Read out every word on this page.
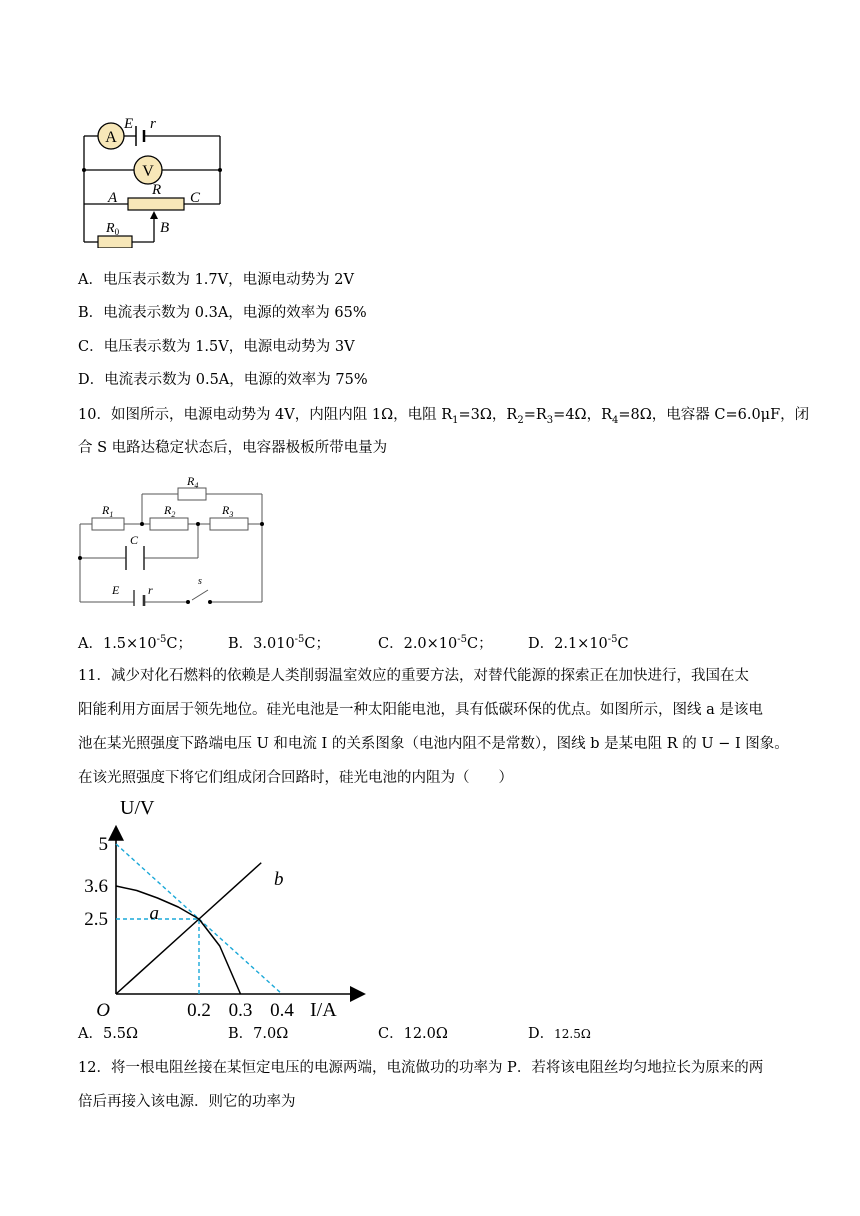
A
V
E r
A R C
$R_0$	B
A．电压表示数为 1.7V，电源电动势为 2V
B．电流表示数为 0.3A，电源的效率为 65%
C．电压表示数为 1.5V，电源电动势为 3V
D．电流表示数为 0.5A，电源的效率为 75%
10．如图所示，电源电动势为 4V，内阻内阻 1Ω，电阻 $R_1=3\Omega$，$R_2=R_3=4\Omega$，$R_4=8\Omega$，电容器 C=6.0μF，闭
合 S 电路达稳定状态后，电容器极板所带电量为
$R_4$
$R_1$	$R_2$	$R_3$
C
E r
s
A．$1.5\times 10^{-5}C$； B．$3.010^{-5}C$；	C．$2.0\times 10^{-5}C$； D．$2.1\times 10^{-5}C$
11．减少对化石燃料的依赖是人类削弱温室效应的重要方法，对替代能源的探索正在加快进行，我国在太
阳能利用方面居于领先地位。硅光电池是一种太阳能电池，具有低碳环保的优点。如图所示，图线 a 是该电
池在某光照强度下路端电压 U 和电流 I 的关系图象（电池内阻不是常数），图线 b 是某电阻 R 的 U − I 图象。
在该光照强度下将它们组成闭合回路时，硅光电池的内阻为（　　）
a
b
5
3.6
2.5
0.2 0.3 0.4
O
U/V
I/A
A．5.5Ω	B．7.0Ω	C．12.0Ω	D．12.5Ω
12．将一根电阻丝接在某恒定电压的电源两端，电流做功的功率为 P．若将该电阻丝均匀地拉长为原来的两
倍后再接入该电源．则它的功率为
